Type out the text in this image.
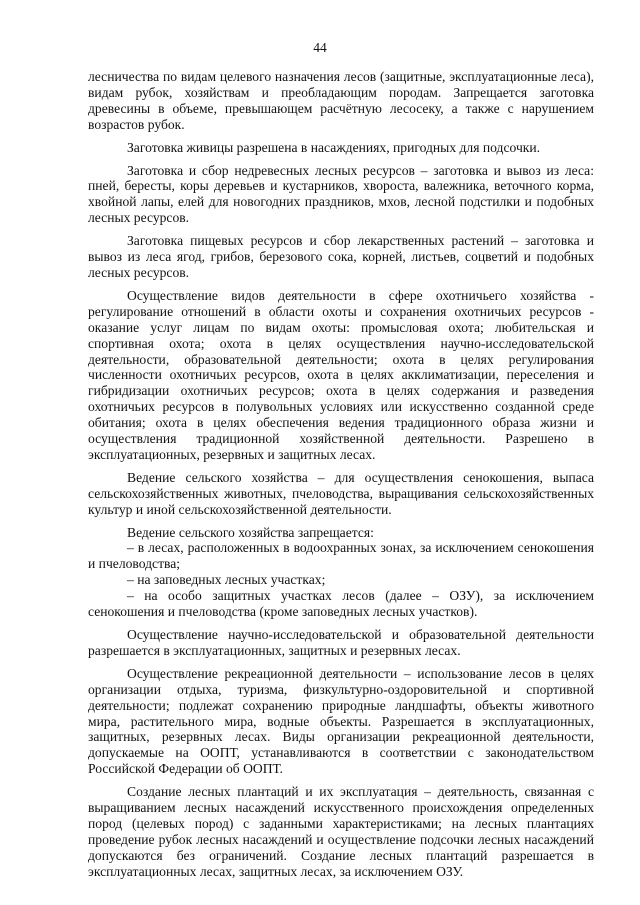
44

лесничества по видам целевого назначения лесов (защитные, эксплуатационные леса), видам рубок, хозяйствам и преобладающим породам. Запрещается заготовка древесины в объеме, превышающем расчётную лесосеку, а также с нарушением возрастов рубок.

Заготовка живицы разрешена в насаждениях, пригодных для подсочки.

Заготовка и сбор недревесных лесных ресурсов – заготовка и вывоз из леса: пней, бересты, коры деревьев и кустарников, хвороста, валежника, веточного корма, хвойной лапы, елей для новогодних праздников, мхов, лесной подстилки и подобных лесных ресурсов.

Заготовка пищевых ресурсов и сбор лекарственных растений – заготовка и вывоз из леса ягод, грибов, березового сока, корней, листьев, соцветий и подобных лесных ресурсов.

Осуществление видов деятельности в сфере охотничьего хозяйства - регулирование отношений в области охоты и сохранения охотничьих ресурсов - оказание услуг лицам по видам охоты: промысловая охота; любительская и спортивная охота; охота в целях осуществления научно-исследовательской деятельности, образовательной деятельности; охота в целях регулирования численности охотничьих ресурсов, охота в целях акклиматизации, переселения и гибридизации охотничьих ресурсов; охота в целях содержания и разведения охотничьих ресурсов в полувольных условиях или искусственно созданной среде обитания; охота в целях обеспечения ведения традиционного образа жизни и осуществления традиционной хозяйственной деятельности. Разрешено в эксплуатационных, резервных и защитных лесах.

Ведение сельского хозяйства – для осуществления сенокошения, выпаса сельскохозяйственных животных, пчеловодства, выращивания сельскохозяйственных культур и иной сельскохозяйственной деятельности.

Ведение сельского хозяйства запрещается:

– в лесах, расположенных в водоохранных зонах, за исключением сенокошения и пчеловодства;

– на заповедных лесных участках;

– на особо защитных участках лесов (далее – ОЗУ), за исключением сенокошения и пчеловодства (кроме заповедных лесных участков).

Осуществление научно-исследовательской и образовательной деятельности разрешается в эксплуатационных, защитных и резервных лесах.

Осуществление рекреационной деятельности – использование лесов в целях организации отдыха, туризма, физкультурно-оздоровительной и спортивной деятельности; подлежат сохранению природные ландшафты, объекты животного мира, растительного мира, водные объекты. Разрешается в эксплуатационных, защитных, резервных лесах. Виды организации рекреационной деятельности, допускаемые на ООПТ, устанавливаются в соответствии с законодательством Российской Федерации об ООПТ.

Создание лесных плантаций и их эксплуатация – деятельность, связанная с выращиванием лесных насаждений искусственного происхождения определенных пород (целевых пород) с заданными характеристиками; на лесных плантациях проведение рубок лесных насаждений и осуществление подсочки лесных насаждений допускаются без ограничений. Создание лесных плантаций разрешается в эксплуатационных лесах, защитных лесах, за исключением ОЗУ.
